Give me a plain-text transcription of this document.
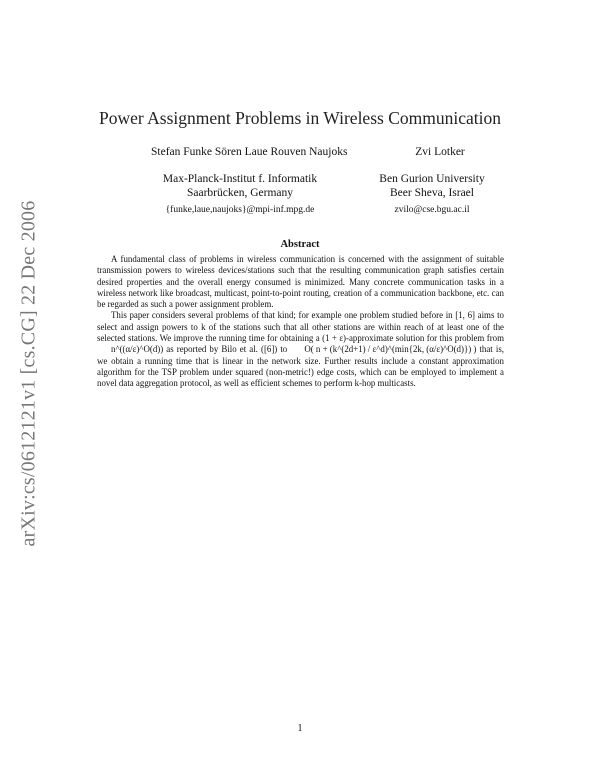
arXiv:cs/0612121v1 [cs.CG] 22 Dec 2006
Power Assignment Problems in Wireless Communication
Stefan Funke Sören Laue Rouven Naujoks	Zvi Lotker
Max-Planck-Institut f. Informatik
Saarbrücken, Germany
{funke,laue,naujoks}@mpi-inf.mpg.de
Ben Gurion University
Beer Sheva, Israel
zvilo@cse.bgu.ac.il
Abstract

A fundamental class of problems in wireless communication is concerned with the assignment of suitable transmission powers to wireless devices/stations such that the resulting communication graph satisfies certain desired properties and the overall energy consumed is minimized. Many concrete communication tasks in a wireless network like broadcast, multicast, point-to-point routing, creation of a communication backbone, etc. can be regarded as such a power assignment problem.

This paper considers several problems of that kind; for example one problem studied before in [1, 6] aims to select and assign powers to k of the stations such that all other stations are within reach of at least one of the selected stations. We improve the running time for obtaining a (1 + ε)-approximate solution for this problem from n^((α/ε)^O(d)) as reported by Bilo et al. ([6]) to O( n + (k^(2d+1) / ε^d)^(min{2k, (α/ε)^O(d)}) ) that is, we obtain a running time that is linear in the network size. Further results include a constant approximation algorithm for the TSP problem under squared (non-metric!) edge costs, which can be employed to implement a novel data aggregation protocol, as well as efficient schemes to perform k-hop multicasts.

1
